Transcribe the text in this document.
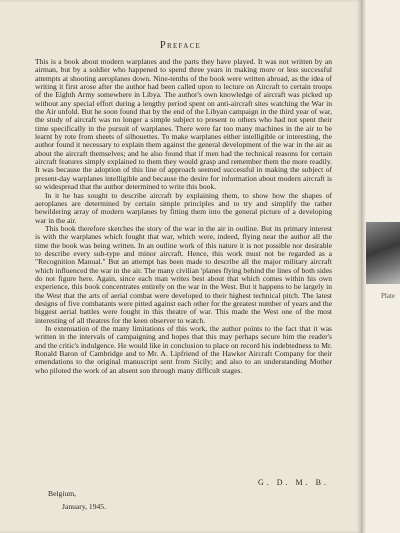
Preface

This is a book about modern warplanes and the parts they have played. It was not written by an airman, but by a soldier who happened to spend three years in making more or less successful attempts at shooting aeroplanes down. Nine-tenths of the book were written abroad, as the idea of writing it first arose after the author had been called upon to lecture on Aircraft to certain troops of the Eighth Army somewhere in Libya. The author's own knowledge of aircraft was picked up without any special effort during a lengthy period spent on anti-aircraft sites watching the War in the Air unfold. But he soon found that by the end of the Libyan campaign in the third year of war, the study of aircraft was no longer a simple subject to present to others who had not spent their time specifically in the pursuit of warplanes. There were far too many machines in the air to be learnt by rote from sheets of silhouettes. To make warplanes either intelligible or interesting, the author found it necessary to explain them against the general development of the war in the air as about the aircraft themselves; and he also found that if men had the technical reasons for certain aircraft features simply explained to them they would grasp and remember them the more readily. It was because the adoption of this line of approach seemed successful in making the subject of present-day warplanes intelligible and because the desire for information about modern aircraft is so widespread that the author determined to write this book.

In it he has sought to describe aircraft by explaining them, to show how the shapes of aeroplanes are determined by certain simple principles and to try and simplify the rather bewildering array of modern warplanes by fitting them into the general picture of a developing war in the air.

This book therefore sketches the story of the war in the air in outline. But its primary interest is with the warplanes which fought that war, which were, indeed, flying near the author all the time the book was being written. In an outline work of this nature it is not possible nor desirable to describe every sub-type and minor aircraft. Hence, this work must not be regarded as a "Recognition Manual." But an attempt has been made to describe all the major military aircraft which influenced the war in the air. The many civilian 'planes flying behind the lines of both sides do not figure here. Again, since each man writes best about that which comes within his own experience, this book concentrates entirely on the war in the West. But it happens to be largely in the West that the arts of aerial combat were developed to their highest technical pitch. The latest designs of five combatants were pitted against each other for the greatest number of years and the biggest aerial battles were fought in this theatre of war. This made the West one of the most interesting of all theatres for the keen observer to watch.

In extenuation of the many limitations of this work, the author points to the fact that it was written in the intervals of campaigning and hopes that this may perhaps secure him the reader's and the critic's indulgence. He would like in conclusion to place on record his indebtedness to Mr. Ronald Baron of Cambridge and to Mr. A. Lipfriend of the Hawker Aircraft Company for their emendations to the original manuscript sent from Sicily; and also to an understanding Mother who piloted the work of an absent son through many difficult stages.

G. D. M. B.
Belgium,
January, 1945.
Plate
